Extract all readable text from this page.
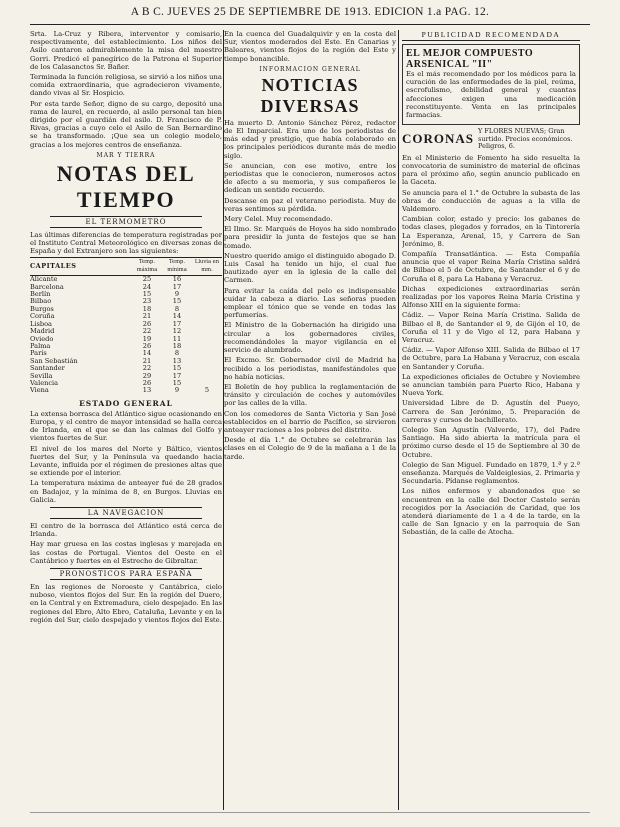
A B C. JUEVES 25 DE SEPTIEMBRE DE 1913. EDICION 1.a PAG. 12.

Srta. La-Cruz y Ribera, interventor y comisario, respectivamente, del establecimiento. Los niños del Asilo cantaron admirablemente la misa del maestro Gorri. Predicó el panegírico de la Patrona el Superior de los Calasanctos Sr. Bañer.

Terminada la función religiosa, se sirvió a los niños una comida extraordinaria, que agradecieron vivamente, dando vivas al Sr. Hospicio.

Por esta tarde Señor, digno de su cargo, depositó una rama de laurel, en recuerdo, al asilo personal tan bien dirigido por el guardián del asilo. D. Francisco de P. Rivas, gracias a cuyo celo el Asilo de San Bernardino se ha transformado. ¡Que sea un colegio modelo, gracias a los mejores centros de enseñanza.

MAR Y TIERRA
NOTAS DEL TIEMPO
EL TERMOMETRO

Las últimas diferencias de temperatura registradas por el Instituto Central Meteorológico en diversas zonas de España y del Extranjero son las siguientes:

CAPITALES	Temp. máxima	Temp. mínima	Lluvia en mm.
Alicante	25	16	
Barcelona	24	17	
Berlín	15	9	
Bilbao	23	15	
Burgos	18	8	
Coruña	21	14	
Lisboa	26	17	
Madrid	22	12	
Oviedo	19	11	
Palma	26	18	
París	14	8	
San Sebastián	21	13	
Santander	22	15	
Sevilla	29	17	
Valencia	26	15	
Viena	13	9	5
ESTADO GENERAL

La extensa borrasca del Atlántico sigue ocasionando en Europa, y el centro de mayor intensidad se halla cerca de Irlanda, en el que se dan las calmas del Golfo y vientos fuertes de Sur.

El nivel de los mares del Norte y Báltico, vientos fuertes del Sur, y la Península va quedando hacia Levante, influida por el régimen de presiones altas que se extiende por el interior.

La temperatura máxima de anteayer fué de 28 grados en Badajoz, y la mínima de 8, en Burgos. Lluvias en Galicia.

LA NAVEGACION

El centro de la borrasca del Atlántico está cerca de Irlanda.

Hay mar gruesa en las costas inglesas y marejada en las costas de Portugal. Vientos del Oeste en el Cantábrico y fuertes en el Estrecho de Gibraltar.

PRONOSTICOS PARA ESPAÑA

En las regiones de Noroeste y Cantábrica, cielo nuboso, vientos flojos del Sur. En la región del Duero, en la Central y en Extremadura, cielo despejado. En las regiones del Ebro, Alto Ebro, Cataluña, Levante y en la región del Sur, cielo despejado y vientos flojos del Este.

En la cuenca del Guadalquivir y en la costa del Sur, vientos moderados del Este. En Canarias y Baleares, vientos flojos de la región del Este y tiempo bonancible.

INFORMACION GENERAL
NOTICIAS DIVERSAS

Ha muerto D. Antonio Sánchez Pérez, redactor de El Imparcial. Era uno de los periodistas de más edad y prestigio, que había colaborado en los principales periódicos durante más de medio siglo.

Se anuncian, con ese motivo, entre los periodistas que le conocieron, numerosos actos de afecto a su memoria, y sus compañeros le dedican un sentido recuerdo.

Descanse en paz el veterano periodista. Muy de veras sentimos su pérdida.

Mery Celel. Muy recomendado.

El Ilmo. Sr. Marqués de Hoyos ha sido nombrado para presidir la junta de festejos que se han tomado.

Nuestro querido amigo el distinguido abogado D. Luis Casal ha tenido un hijo, el cual fue bautizado ayer en la iglesia de la calle del Carmen.

Para evitar la caída del pelo es indispensable cuidar la cabeza a diario. Las señoras pueden emplear el tónico que se vende en todas las perfumerías.

El Ministro de la Gobernación ha dirigido una circular a los gobernadores civiles, recomendándoles la mayor vigilancia en el servicio de alumbrado.

El Excmo. Sr. Gobernador civil de Madrid ha recibido a los periodistas, manifestándoles que no había noticias.

El Boletín de hoy publica la reglamentación de tránsito y circulación de coches y automóviles por las calles de la villa.

Con los comedores de Santa Victoria y San José establecidos en el barrio de Pacífico, se sirvieron anteayer raciones a los pobres del distrito.

Desde el día 1.° de Octubre se celebrarán las clases en el Colegio de 9 de la mañana a 1 de la tarde.

PUBLICIDAD RECOMENDADA
EL MEJOR COMPUESTO ARSENICAL "II"

Es el más recomendado por los médicos para la curación de las enfermedades de la piel, reúma, escrofulismo, debilidad general y cuantas afecciones exigen una medicación reconstituyente. Venta en las principales farmacias.

CORONAS
Y FLORES NUEVAS; Gran surtido. Precios económicos. Peligros, 6.

En el Ministerio de Fomento ha sido resuelta la convocatoria de suministro de material de oficinas para el próximo año, según anuncio publicado en la Gaceta.

Se anuncia para el 1.° de Octubre la subasta de las obras de conducción de aguas a la villa de Valdemoro.

Cambian color, estado y precio: los gabanes de todas clases, plegados y forrados, en la Tintorería La Esperanza, Arenal, 15, y Carrera de San Jerónimo, 8.

Compañía Transatlántica. — Esta Compañía anuncia que el vapor Reina María Cristina saldrá de Bilbao el 5 de Octubre, de Santander el 6 y de Coruña el 8, para La Habana y Veracruz.

Dichas expediciones extraordinarias serán realizadas por los vapores Reina María Cristina y Alfonso XIII en la siguiente forma:

Cádiz. — Vapor Reina María Cristina. Salida de Bilbao el 8, de Santander el 9, de Gijón el 10, de Coruña el 11 y de Vigo el 12, para Habana y Veracruz.

Cádiz. — Vapor Alfonso XIII. Salida de Bilbao el 17 de Octubre, para La Habana y Veracruz, con escala en Santander y Coruña.

La expediciones oficiales de Octubre y Noviembre se anuncian también para Puerto Rico, Habana y Nueva York.

Universidad Libre de D. Agustín del Pueyo, Carrera de San Jerónimo, 5. Preparación de carreras y cursos de bachillerato.

Colegio San Agustín (Valverde, 17), del Padre Santiago. Ha sido abierta la matrícula para el próximo curso desde el 15 de Septiembre al 30 de Octubre.

Colegio de San Miguel. Fundado en 1879, 1.ª y 2.ª enseñanza. Marqués de Valdeiglesias, 2. Primaria y Secundaria. Pídanse reglamentos.

Los niños enfermos y abandonados que se encuentren en la calle del Doctor Castelo serán recogidos por la Asociación de Caridad, que los atenderá diariamente de 1 a 4 de la tarde, en la calle de San Ignacio y en la parroquia de San Sebastián, de la calle de Atocha.
